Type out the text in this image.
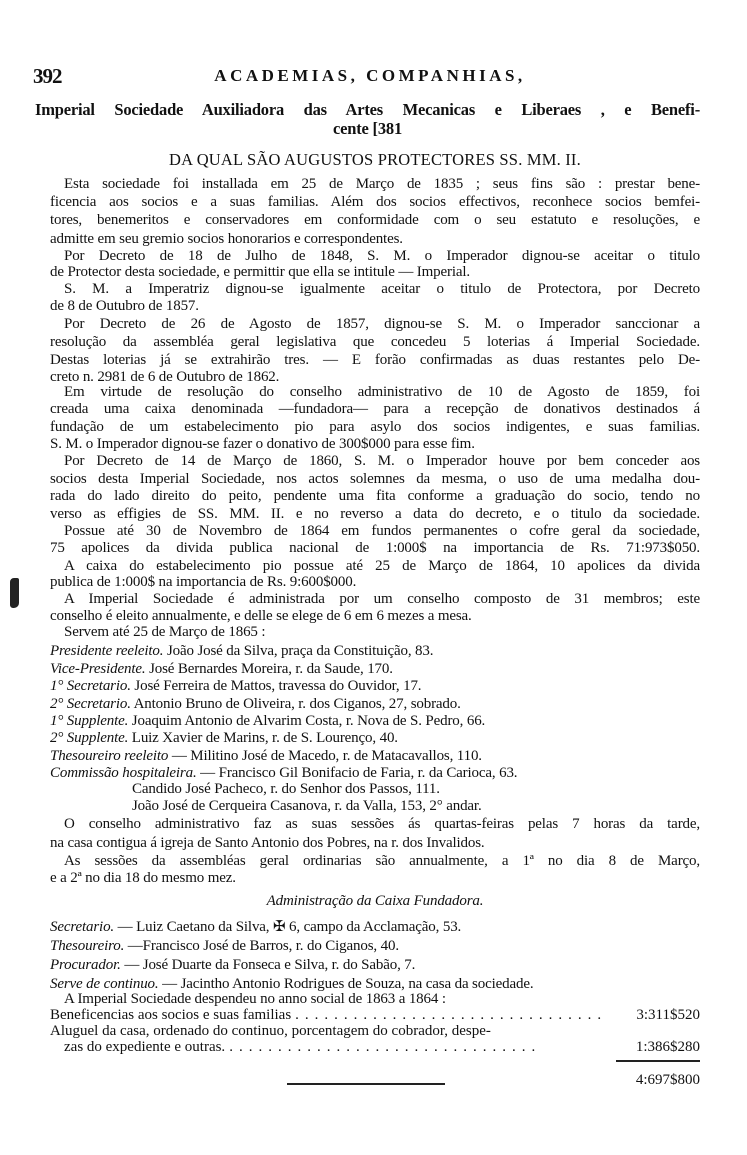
392	ACADEMIAS, COMPANHIAS,
Imperial Sociedade Auxiliadora das Artes Mecanicas e Liberaes , e Benefi-
cente [381
DA QUAL SÃO AUGUSTOS PROTECTORES SS. MM. II.
Esta sociedade foi installada em 25 de Março de 1835 ; seus fins são : prestar bene-
ficencia aos socios e a suas familias. Além dos socios effectivos, reconhece socios bemfei-
tores, benemeritos e conservadores em conformidade com o seu estatuto e resoluções, e
admitte em seu gremio socios honorarios e correspondentes.
Por Decreto de 18 de Julho de 1848, S. M. o Imperador dignou-se aceitar o titulo
de Protector desta sociedade, e permittir que ella se intitule — Imperial.
S. M. a Imperatriz dignou-se igualmente aceitar o titulo de Protectora, por Decreto
de 8 de Outubro de 1857.
Por Decreto de 26 de Agosto de 1857, dignou-se S. M. o Imperador sanccionar a
resolução da assembléa geral legislativa que concedeu 5 loterias á Imperial Sociedade.
Destas loterias já se extrahirão tres. — E forão confirmadas as duas restantes pelo De-
creto n. 2981 de 6 de Outubro de 1862.
Em virtude de resolução do conselho administrativo de 10 de Agosto de 1859, foi
creada uma caixa denominada —fundadora— para a recepção de donativos destinados á
fundação de um estabelecimento pio para asylo dos socios indigentes, e suas familias.
S. M. o Imperador dignou-se fazer o donativo de 300$000 para esse fim.
Por Decreto de 14 de Março de 1860, S. M. o Imperador houve por bem conceder aos
socios desta Imperial Sociedade, nos actos solemnes da mesma, o uso de uma medalha dou-
rada do lado direito do peito, pendente uma fita conforme a graduação do socio, tendo no
verso as effigies de SS. MM. II. e no reverso a data do decreto, e o titulo da sociedade.
Possue até 30 de Novembro de 1864 em fundos permanentes o cofre geral da sociedade,
75 apolices da divida publica nacional de 1:000$ na importancia de Rs. 71:973$050.
A caixa do estabelecimento pio possue até 25 de Março de 1864, 10 apolices da divida
publica de 1:000$ na importancia de Rs. 9:600$000.
A Imperial Sociedade é administrada por um conselho composto de 31 membros; este
conselho é eleito annualmente, e delle se elege de 6 em 6 mezes a mesa.
Servem até 25 de Março de 1865 :
Presidente reeleito. João José da Silva, praça da Constituição, 83.
Vice-Presidente. José Bernardes Moreira, r. da Saude, 170.
1° Secretario. José Ferreira de Mattos, travessa do Ouvidor, 17.
2° Secretario. Antonio Bruno de Oliveira, r. dos Ciganos, 27, sobrado.
1° Supplente. Joaquim Antonio de Alvarim Costa, r. Nova de S. Pedro, 66.
2° Supplente. Luiz Xavier de Marins, r. de S. Lourenço, 40.
Thesoureiro reeleito — Militino José de Macedo, r. de Matacavallos, 110.
Commissão hospitaleira. — Francisco Gil Bonifacio de Faria, r. da Carioca, 63.
Candido José Pacheco, r. do Senhor dos Passos, 111.
João José de Cerqueira Casanova, r. da Valla, 153, 2° andar.
O conselho administrativo faz as suas sessões ás quartas-feiras pelas 7 horas da tarde,
na casa contigua á igreja de Santo Antonio dos Pobres, na r. dos Invalidos.
As sessões da assembléas geral ordinarias são annualmente, a 1ª no dia 8 de Março,
e a 2ª no dia 18 do mesmo mez.
Administração da Caixa Fundadora.
Secretario. — Luiz Caetano da Silva, ✠ 6, campo da Acclamação, 53.
Thesoureiro. —Francisco José de Barros, r. do Ciganos, 40.
Procurador. — José Duarte da Fonseca e Silva, r. do Sabão, 7.
Serve de continuo. — Jacintho Antonio Rodrigues de Souza, na casa da sociedade.
A Imperial Sociedade despendeu no anno social de 1863 a 1864 :
Beneficencias aos socios e suas familias ................................	3:311$520
Aluguel da casa, ordenado do continuo, porcentagem do cobrador, despe-
zas do expediente e outras. ................................	1:386$280
4:697$800
